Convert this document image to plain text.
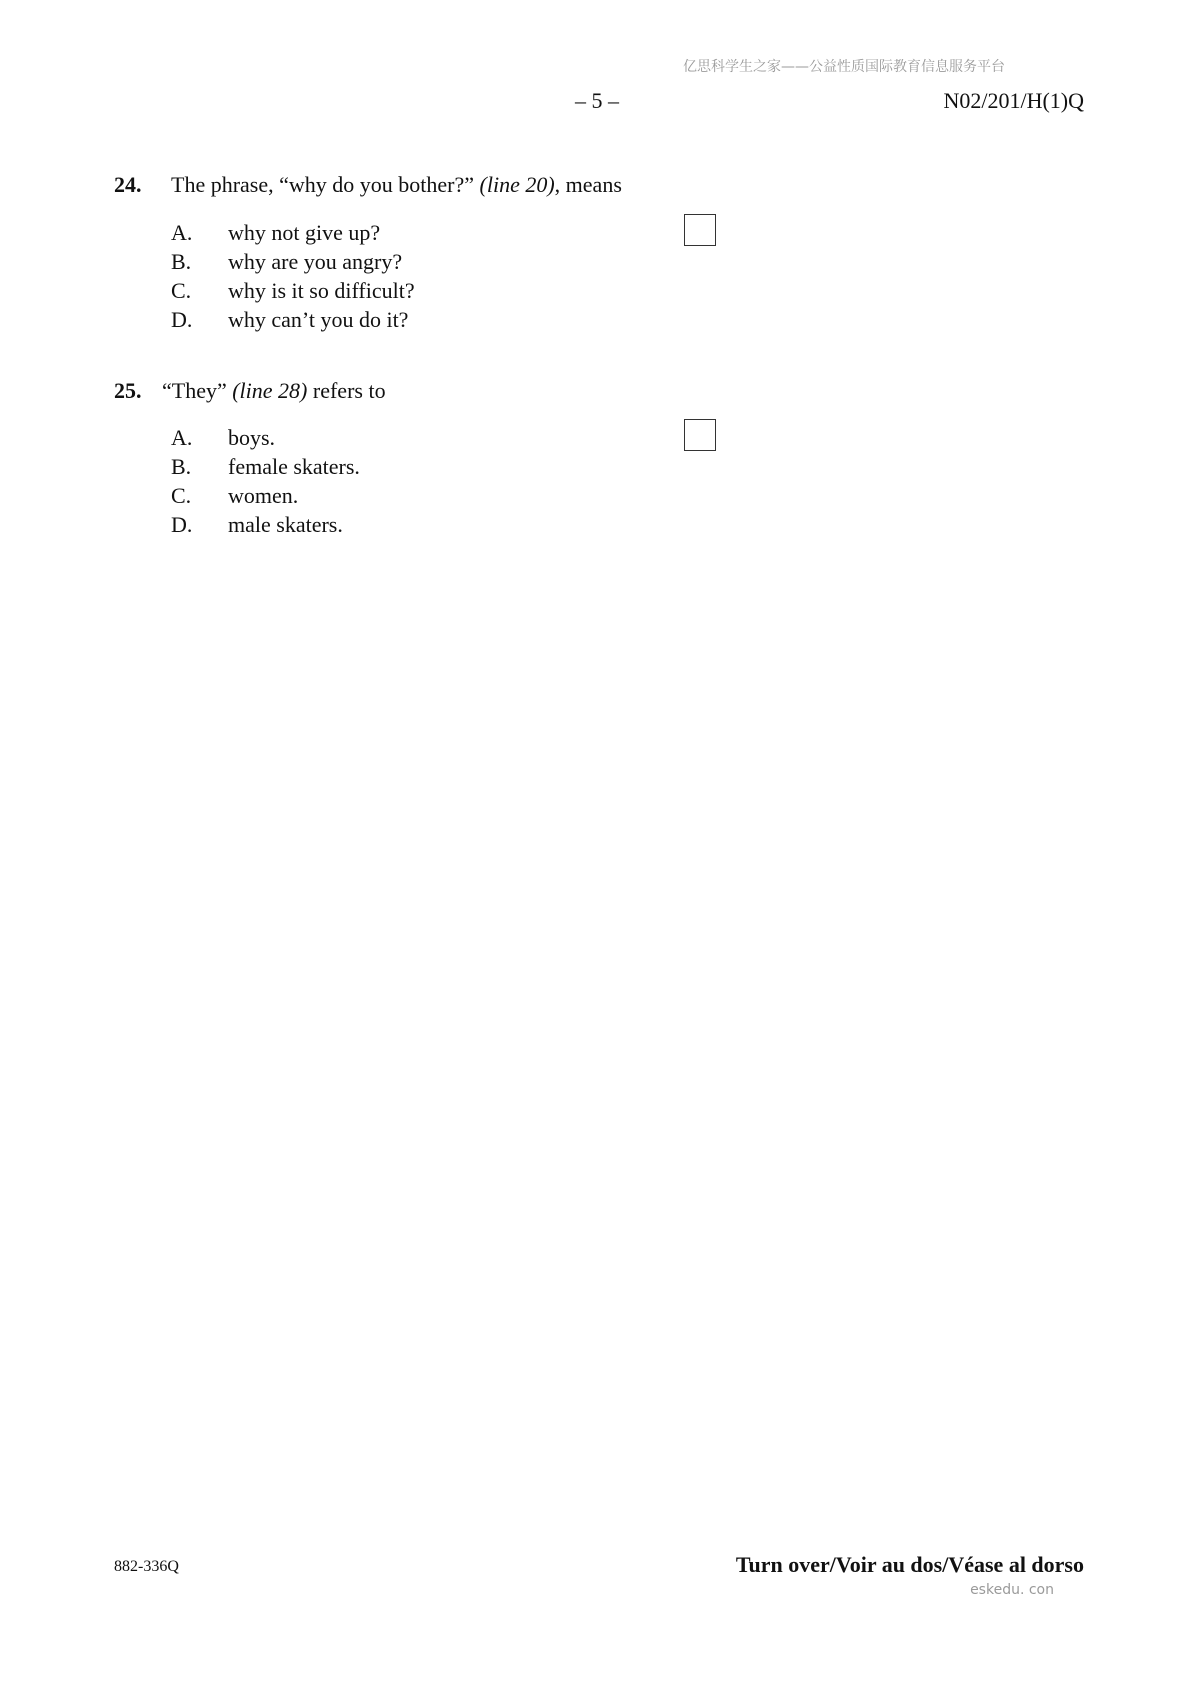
亿思科学生之家——公益性质国际教育信息服务平台
– 5 –	N02/201/H(1)Q
24. The phrase, “why do you bother?” (line 20), means
A. why not give up?
B. why are you angry?
C. why is it so difficult?
D. why can’t you do it?
25. “They” (line 28) refers to
A. boys.
B. female skaters.
C. women.
D. male skaters.
882-336Q	Turn over/Voir au dos/Véase al dorso
eskedu. con
